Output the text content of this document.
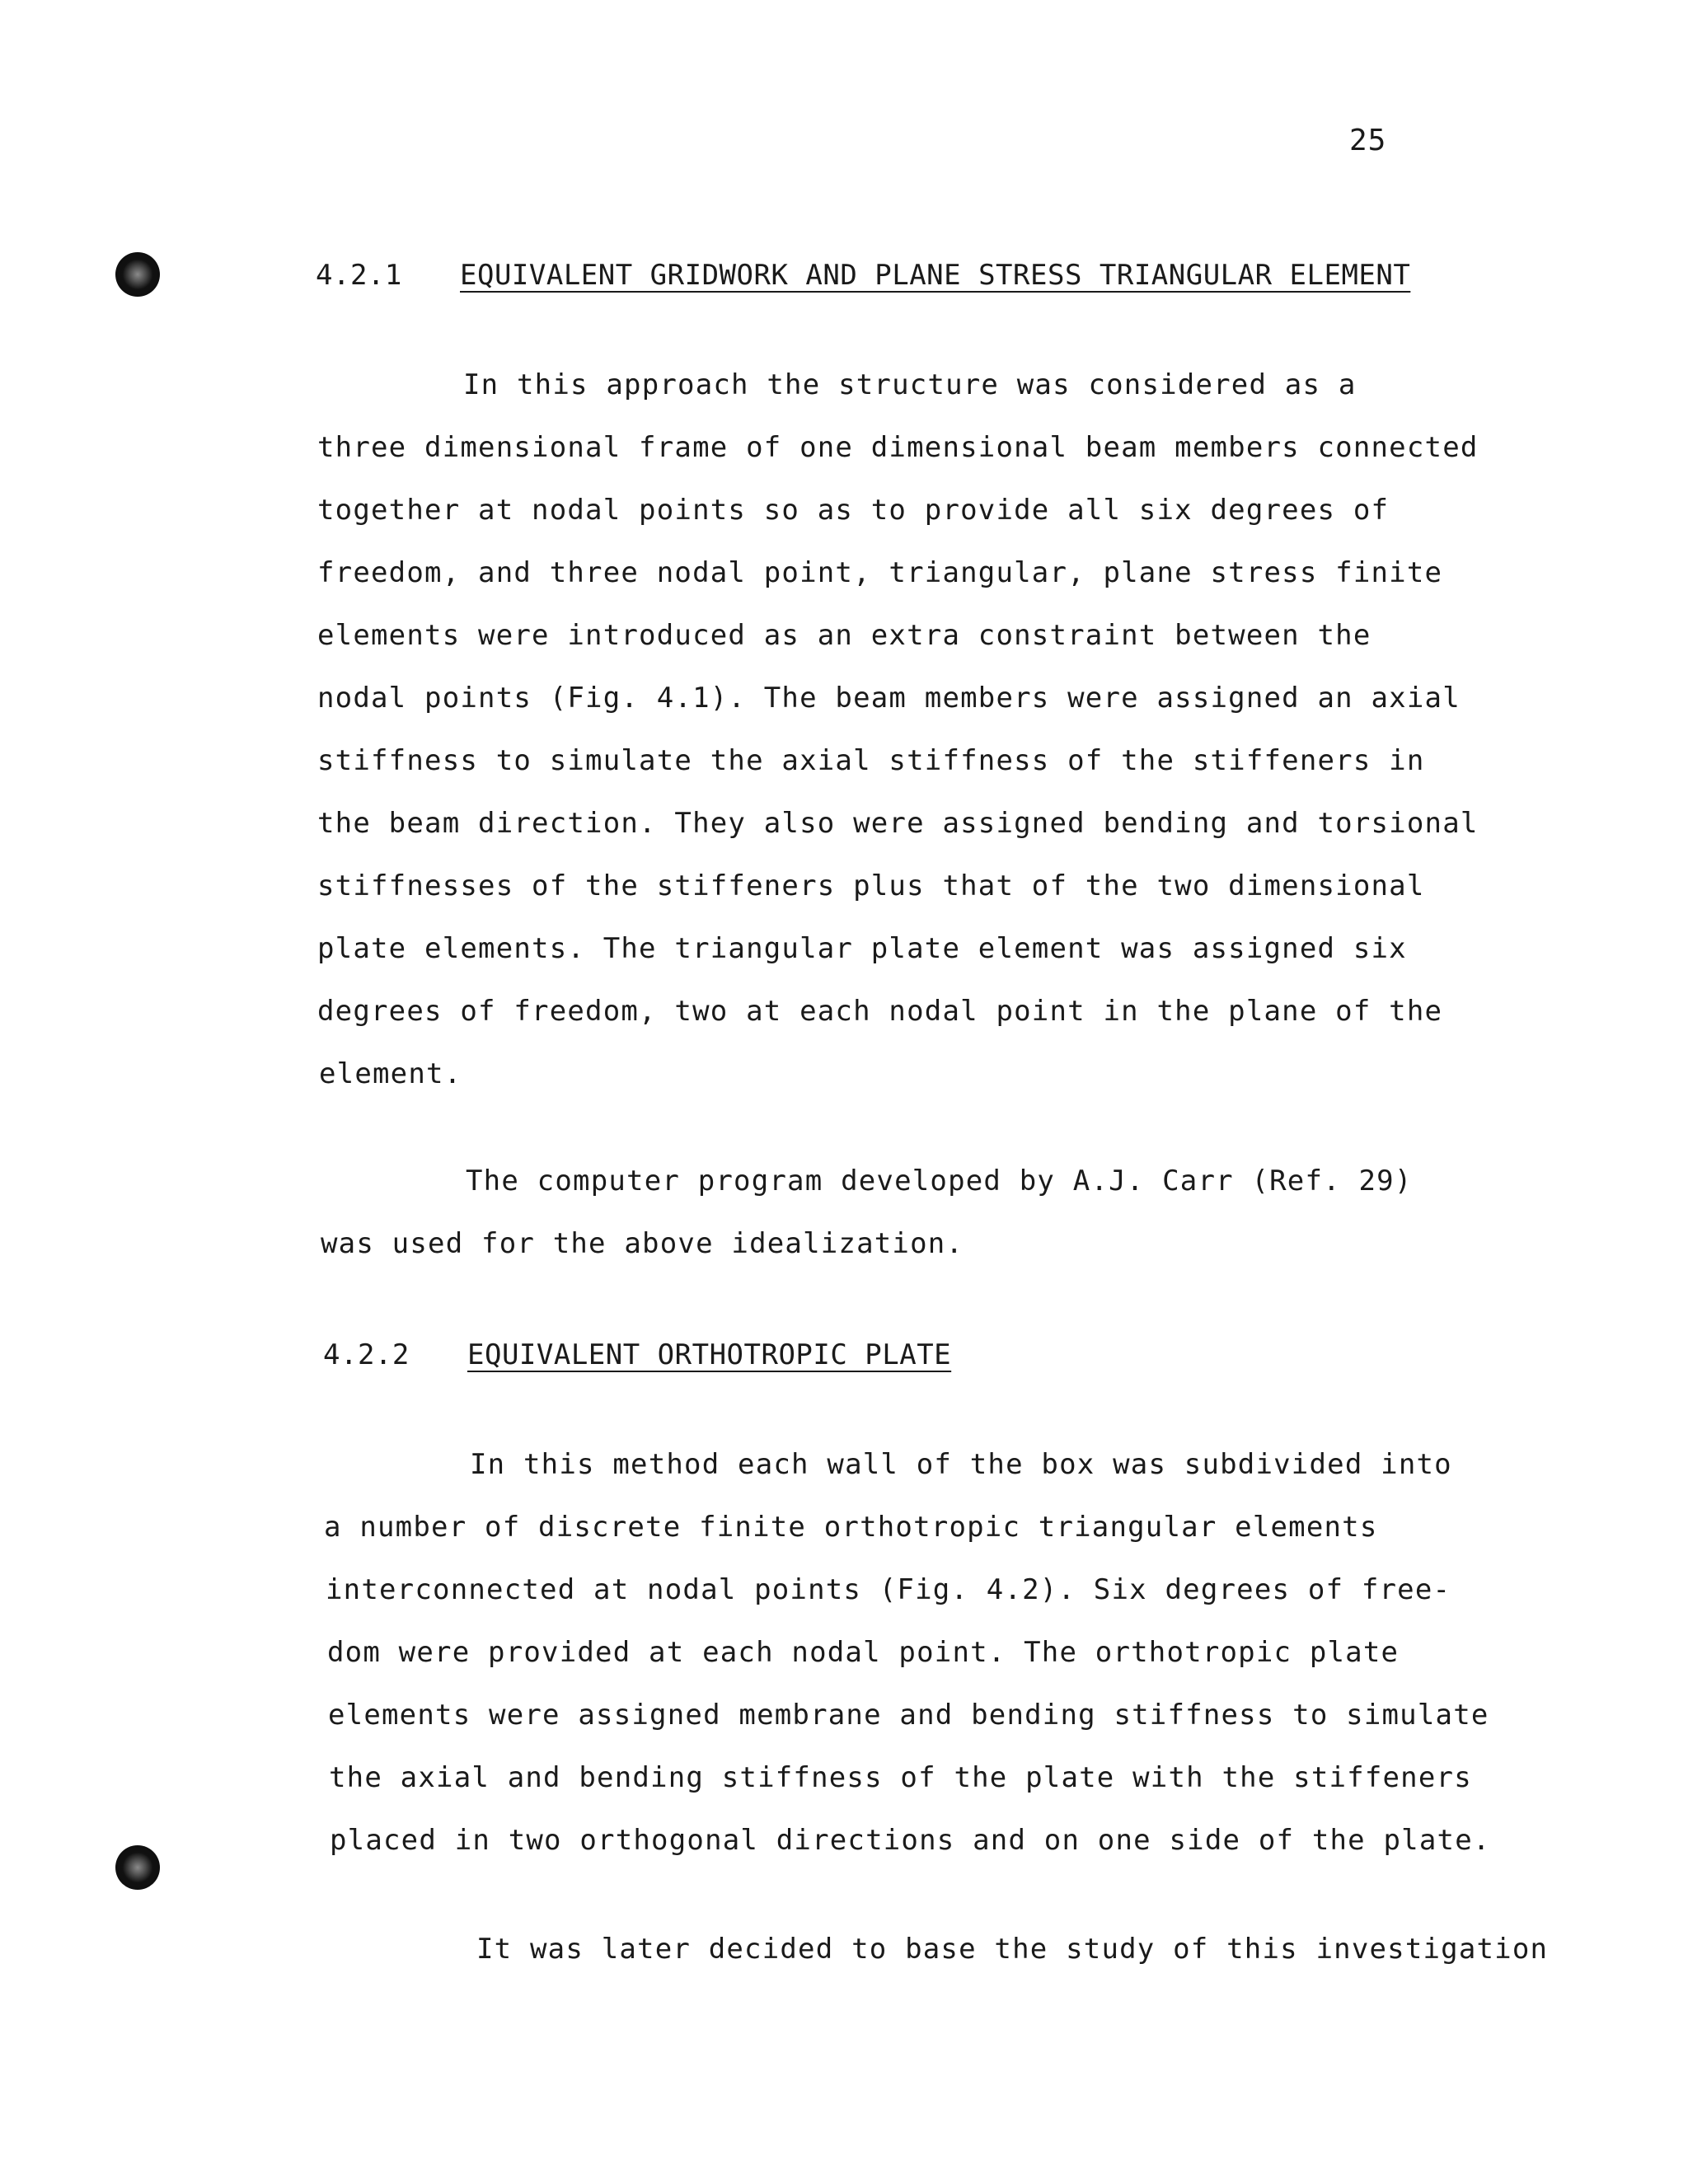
25
4.2.1 EQUIVALENT GRIDWORK AND PLANE STRESS TRIANGULAR ELEMENT
In this approach the structure was considered as a
three dimensional frame of one dimensional beam members connected
together at nodal points so as to provide all six degrees of
freedom, and three nodal point, triangular, plane stress finite
elements were introduced as an extra constraint between the
nodal points (Fig. 4.1). The beam members were assigned an axial
stiffness to simulate the axial stiffness of the stiffeners in
the beam direction. They also were assigned bending and torsional
stiffnesses of the stiffeners plus that of the two dimensional
plate elements. The triangular plate element was assigned six
degrees of freedom, two at each nodal point in the plane of the
element.
The computer program developed by A.J. Carr (Ref. 29)
was used for the above idealization.
4.2.2 EQUIVALENT ORTHOTROPIC PLATE
In this method each wall of the box was subdivided into
a number of discrete finite orthotropic triangular elements
interconnected at nodal points (Fig. 4.2). Six degrees of free-
dom were provided at each nodal point. The orthotropic plate
elements were assigned membrane and bending stiffness to simulate
the axial and bending stiffness of the plate with the stiffeners
placed in two orthogonal directions and on one side of the plate.
It was later decided to base the study of this investigation
